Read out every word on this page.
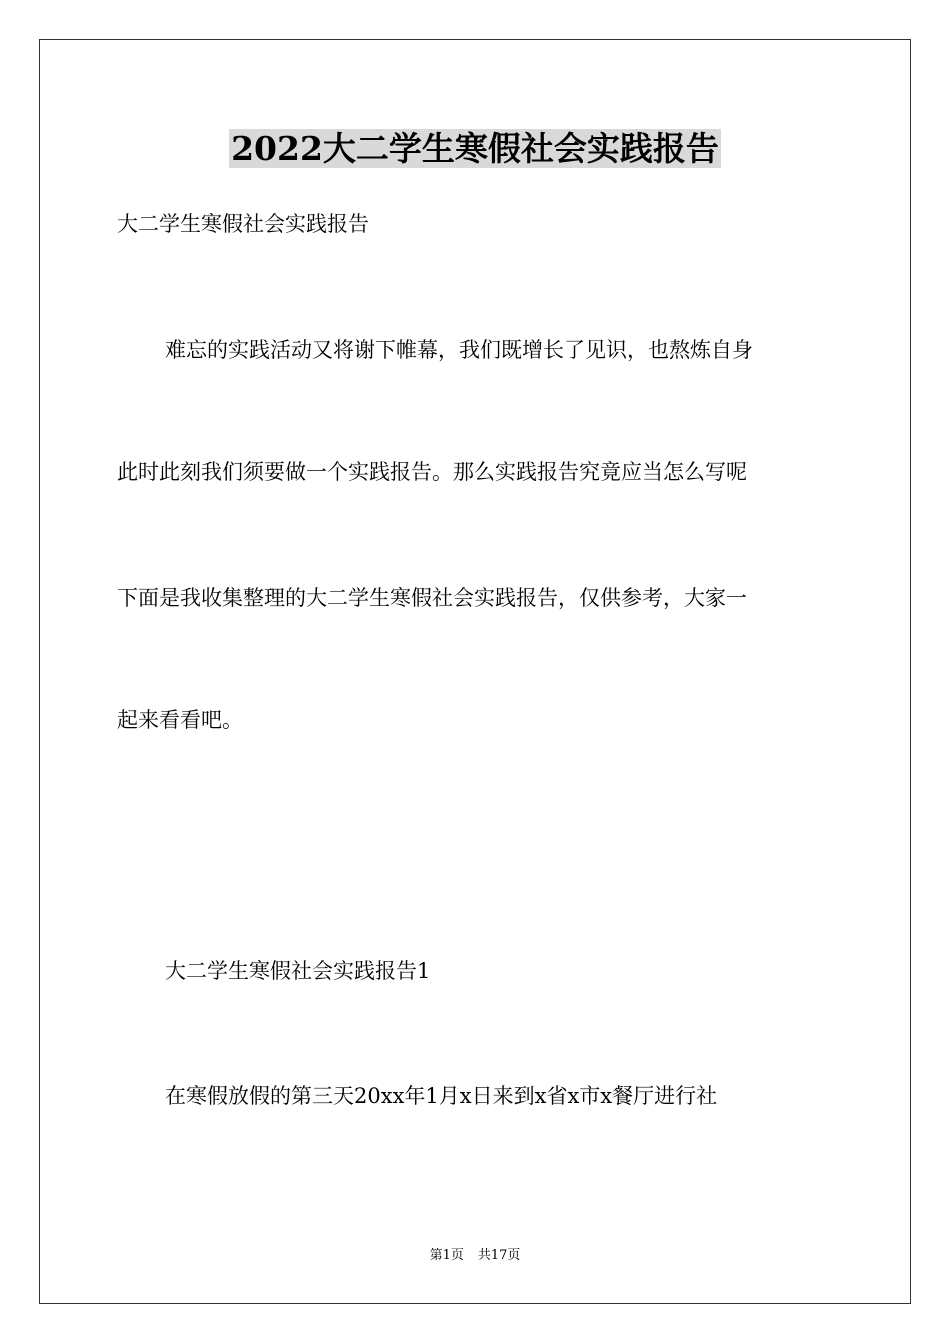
2022大二学生寒假社会实践报告
大二学生寒假社会实践报告
难忘的实践活动又将谢下帷幕，我们既增长了见识，也熬炼自身
此时此刻我们须要做一个实践报告。那么实践报告究竟应当怎么写呢
下面是我收集整理的大二学生寒假社会实践报告，仅供参考，大家一
起来看看吧。
大二学生寒假社会实践报告1
在寒假放假的第三天20xx年1月x日来到x省x市x餐厅进行社
第1页 共17页
